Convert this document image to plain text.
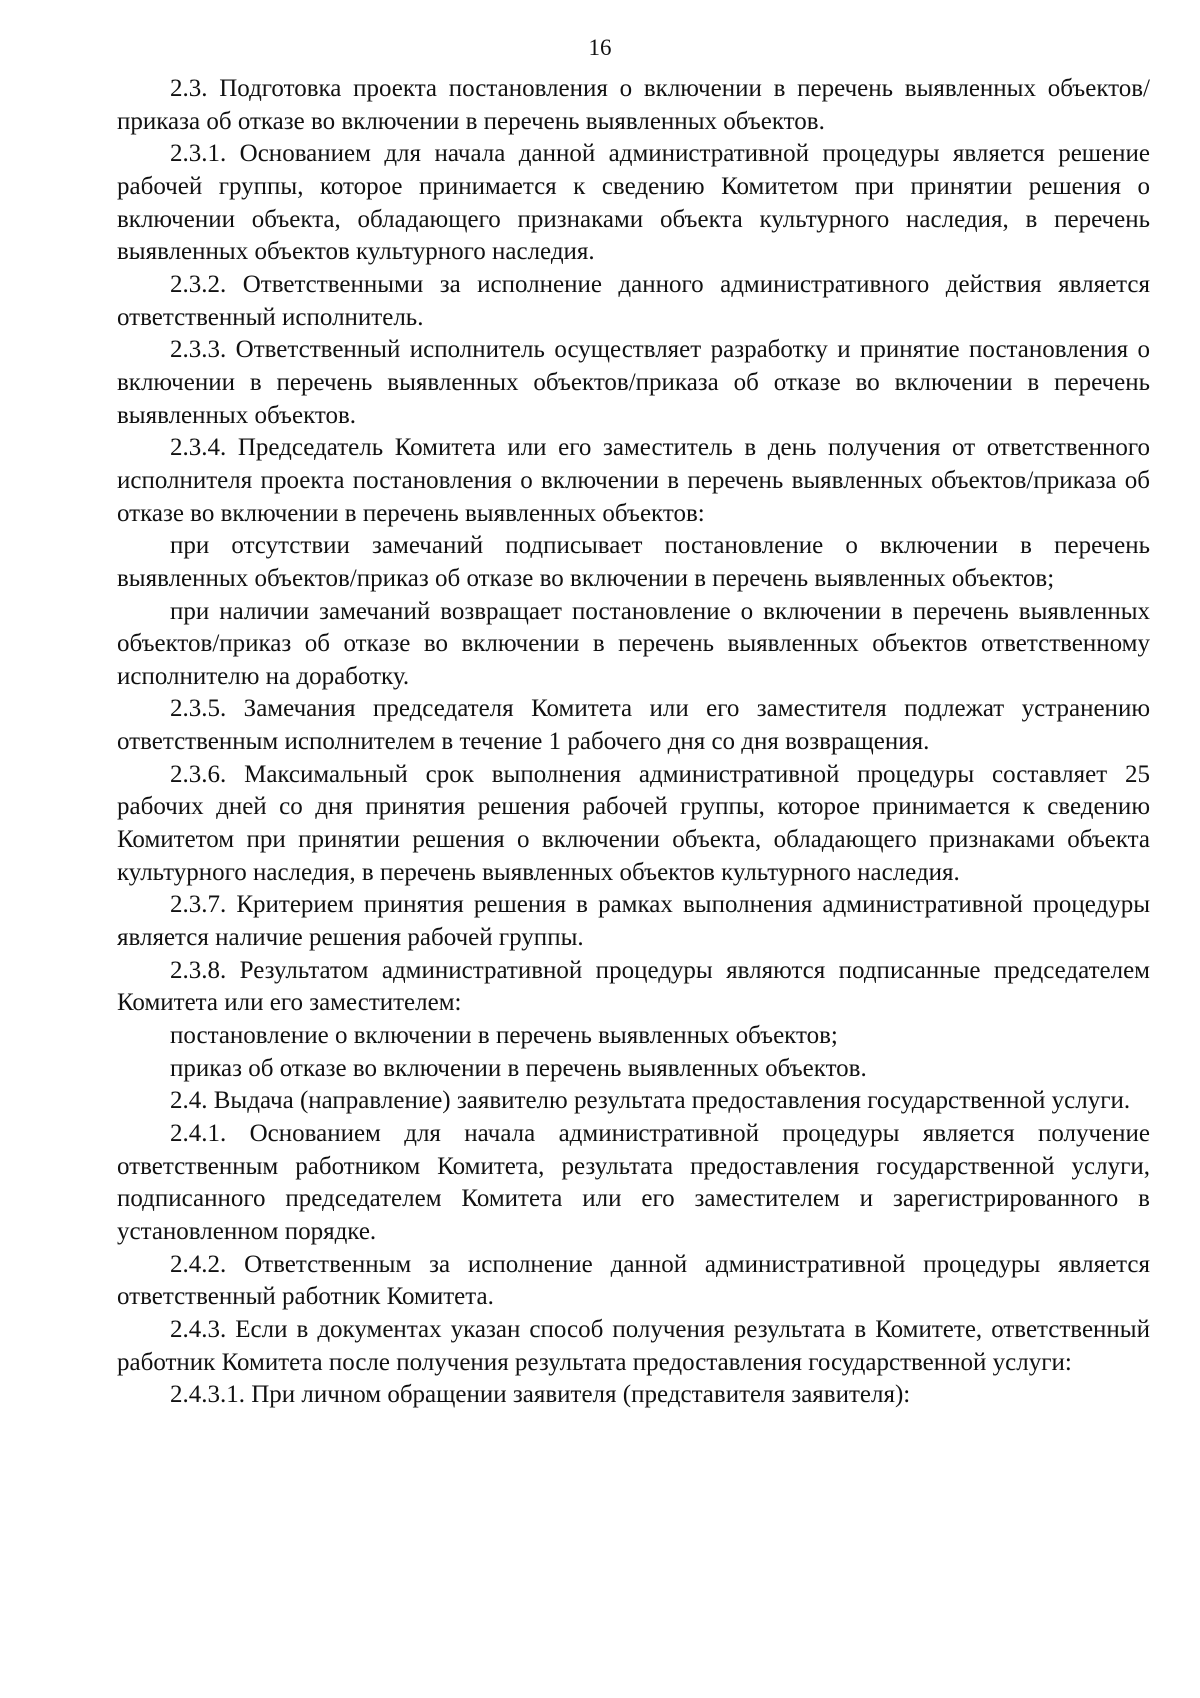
16

2.3. Подготовка проекта постановления о включении в перечень выявленных объектов/приказа об отказе во включении в перечень выявленных объектов.

2.3.1. Основанием для начала данной административной процедуры является решение рабочей группы, которое принимается к сведению Комитетом при принятии решения о включении объекта, обладающего признаками объекта культурного наследия, в перечень выявленных объектов культурного наследия.

2.3.2. Ответственными за исполнение данного административного действия является ответственный исполнитель.

2.3.3. Ответственный исполнитель осуществляет разработку и принятие постановления о включении в перечень выявленных объектов/приказа об отказе во включении в перечень выявленных объектов.

2.3.4. Председатель Комитета или его заместитель в день получения от ответственного исполнителя проекта постановления о включении в перечень выявленных объектов/приказа об отказе во включении в перечень выявленных объектов:

при отсутствии замечаний подписывает постановление о включении в перечень выявленных объектов/приказ об отказе во включении в перечень выявленных объектов;

при наличии замечаний возвращает постановление о включении в перечень выявленных объектов/приказ об отказе во включении в перечень выявленных объектов ответственному исполнителю на доработку.

2.3.5. Замечания председателя Комитета или его заместителя подлежат устранению ответственным исполнителем в течение 1 рабочего дня со дня возвращения.

2.3.6. Максимальный срок выполнения административной процедуры составляет 25 рабочих дней со дня принятия решения рабочей группы, которое принимается к сведению Комитетом при принятии решения о включении объекта, обладающего признаками объекта культурного наследия, в перечень выявленных объектов культурного наследия.

2.3.7. Критерием принятия решения в рамках выполнения административной процедуры является наличие решения рабочей группы.

2.3.8. Результатом административной процедуры являются подписанные председателем Комитета или его заместителем:

постановление о включении в перечень выявленных объектов;

приказ об отказе во включении в перечень выявленных объектов.

2.4. Выдача (направление) заявителю результата предоставления государственной услуги.

2.4.1. Основанием для начала административной процедуры является получение ответственным работником Комитета, результата предоставления государственной услуги, подписанного председателем Комитета или его заместителем и зарегистрированного в установленном порядке.

2.4.2. Ответственным за исполнение данной административной процедуры является ответственный работник Комитета.

2.4.3. Если в документах указан способ получения результата в Комитете, ответственный работник Комитета после получения результата предоставления государственной услуги:

2.4.3.1. При личном обращении заявителя (представителя заявителя):
